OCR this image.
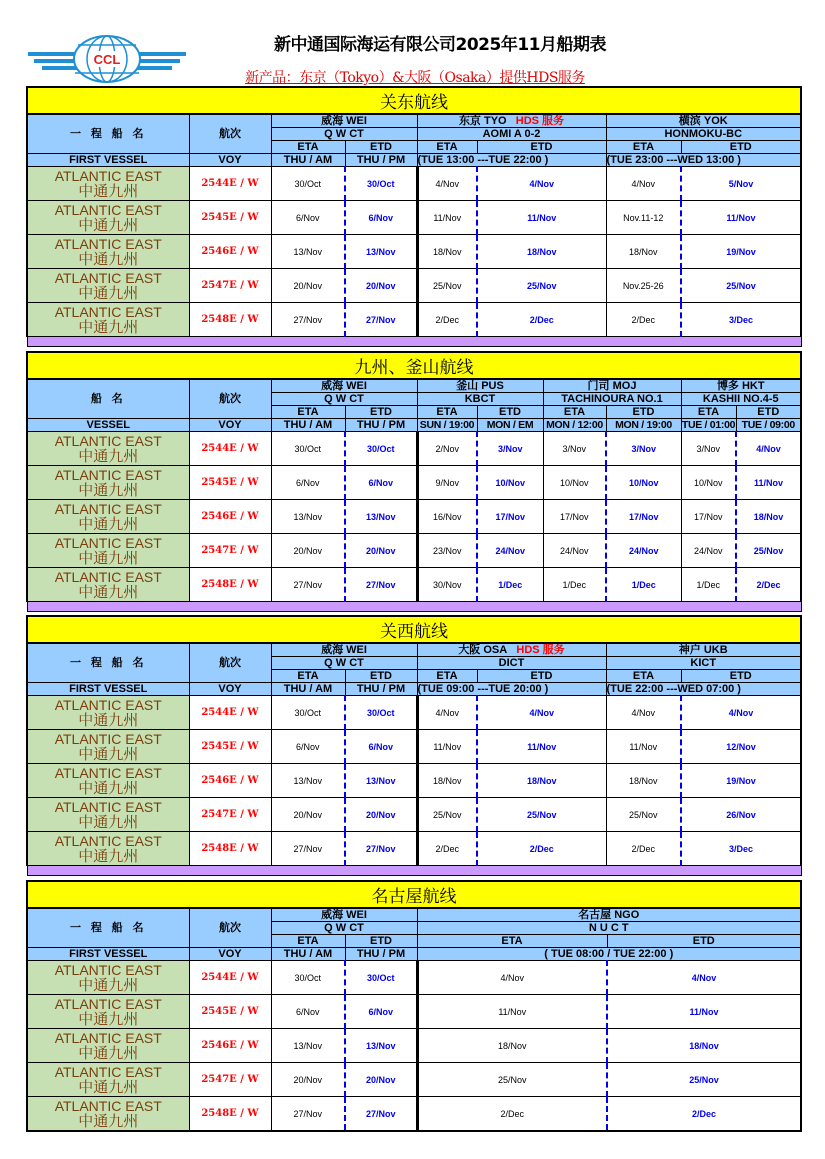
CCL
新中通国际海运有限公司2025年11月船期表
新产品：东京（Tokyo）&大阪（Osaka）提供HDS服务
关东航线							
一 程 船 名	航次	威海 WEI		东京 TYO HDS 服务		横滨 YOK	
		Q W CT		AOMI A 0-2		HONMOKU-BC	
		ETA	ETD	ETA	ETD	ETA	ETD
FIRST VESSEL	VOY	THU / AM	THU / PM	(TUE 13:00 ---TUE 22:00 )		(TUE 23:00 ---WED 13:00 )	

ATLANTIC EAST
中通九州	2544E / W	30/Oct	30/Oct	4/Nov	4/Nov	4/Nov	5/Nov

ATLANTIC EAST
中通九州	2545E / W	6/Nov	6/Nov	11/Nov	11/Nov	Nov.11-12	11/Nov

ATLANTIC EAST
中通九州	2546E / W	13/Nov	13/Nov	18/Nov	18/Nov	18/Nov	19/Nov

ATLANTIC EAST
中通九州	2547E / W	20/Nov	20/Nov	25/Nov	25/Nov	Nov.25-26	25/Nov

ATLANTIC EAST
中通九州	2548E / W	27/Nov	27/Nov	2/Dec	2/Dec	2/Dec	3/Dec

九州、釜山航线									
船 名	航次	威海 WEI		釜山 PUS		门司 MOJ		博多 HKT	
		Q W CT		KBCT		TACHINOURA NO.1		KASHII NO.4-5	
		ETA	ETD	ETA	ETD	ETA	ETD	ETA	ETD
VESSEL	VOY	THU / AM	THU / PM	SUN / 19:00	MON / EM	MON / 12:00	MON / 19:00	TUE / 01:00	TUE / 09:00

ATLANTIC EAST
中通九州	2544E / W	30/Oct	30/Oct	2/Nov	3/Nov	3/Nov	3/Nov	3/Nov	4/Nov

ATLANTIC EAST
中通九州	2545E / W	6/Nov	6/Nov	9/Nov	10/Nov	10/Nov	10/Nov	10/Nov	11/Nov

ATLANTIC EAST
中通九州	2546E / W	13/Nov	13/Nov	16/Nov	17/Nov	17/Nov	17/Nov	17/Nov	18/Nov

ATLANTIC EAST
中通九州	2547E / W	20/Nov	20/Nov	23/Nov	24/Nov	24/Nov	24/Nov	24/Nov	25/Nov

ATLANTIC EAST
中通九州	2548E / W	27/Nov	27/Nov	30/Nov	1/Dec	1/Dec	1/Dec	1/Dec	2/Dec

关西航线							
一 程 船 名	航次	威海 WEI		大阪 OSA HDS 服务		神户 UKB	
		Q W CT		DICT		KICT	
		ETA	ETD	ETA	ETD	ETA	ETD
FIRST VESSEL	VOY	THU / AM	THU / PM	(TUE 09:00 ---TUE 20:00 )		(TUE 22:00 ---WED 07:00 )	

ATLANTIC EAST
中通九州	2544E / W	30/Oct	30/Oct	4/Nov	4/Nov	4/Nov	4/Nov

ATLANTIC EAST
中通九州	2545E / W	6/Nov	6/Nov	11/Nov	11/Nov	11/Nov	12/Nov

ATLANTIC EAST
中通九州	2546E / W	13/Nov	13/Nov	18/Nov	18/Nov	18/Nov	19/Nov

ATLANTIC EAST
中通九州	2547E / W	20/Nov	20/Nov	25/Nov	25/Nov	25/Nov	26/Nov

ATLANTIC EAST
中通九州	2548E / W	27/Nov	27/Nov	2/Dec	2/Dec	2/Dec	3/Dec

名古屋航线					
一 程 船 名	航次	威海 WEI		名古屋 NGO	
		Q W CT		N U C T	
		ETA	ETD	ETA	ETD
FIRST VESSEL	VOY	THU / AM	THU / PM	( TUE 08:00 / TUE 22:00 )	

ATLANTIC EAST
中通九州	2544E / W	30/Oct	30/Oct	4/Nov	4/Nov

ATLANTIC EAST
中通九州	2545E / W	6/Nov	6/Nov	11/Nov	11/Nov

ATLANTIC EAST
中通九州	2546E / W	13/Nov	13/Nov	18/Nov	18/Nov

ATLANTIC EAST
中通九州	2547E / W	20/Nov	20/Nov	25/Nov	25/Nov

ATLANTIC EAST
中通九州	2548E / W	27/Nov	27/Nov	2/Dec	2/Dec
